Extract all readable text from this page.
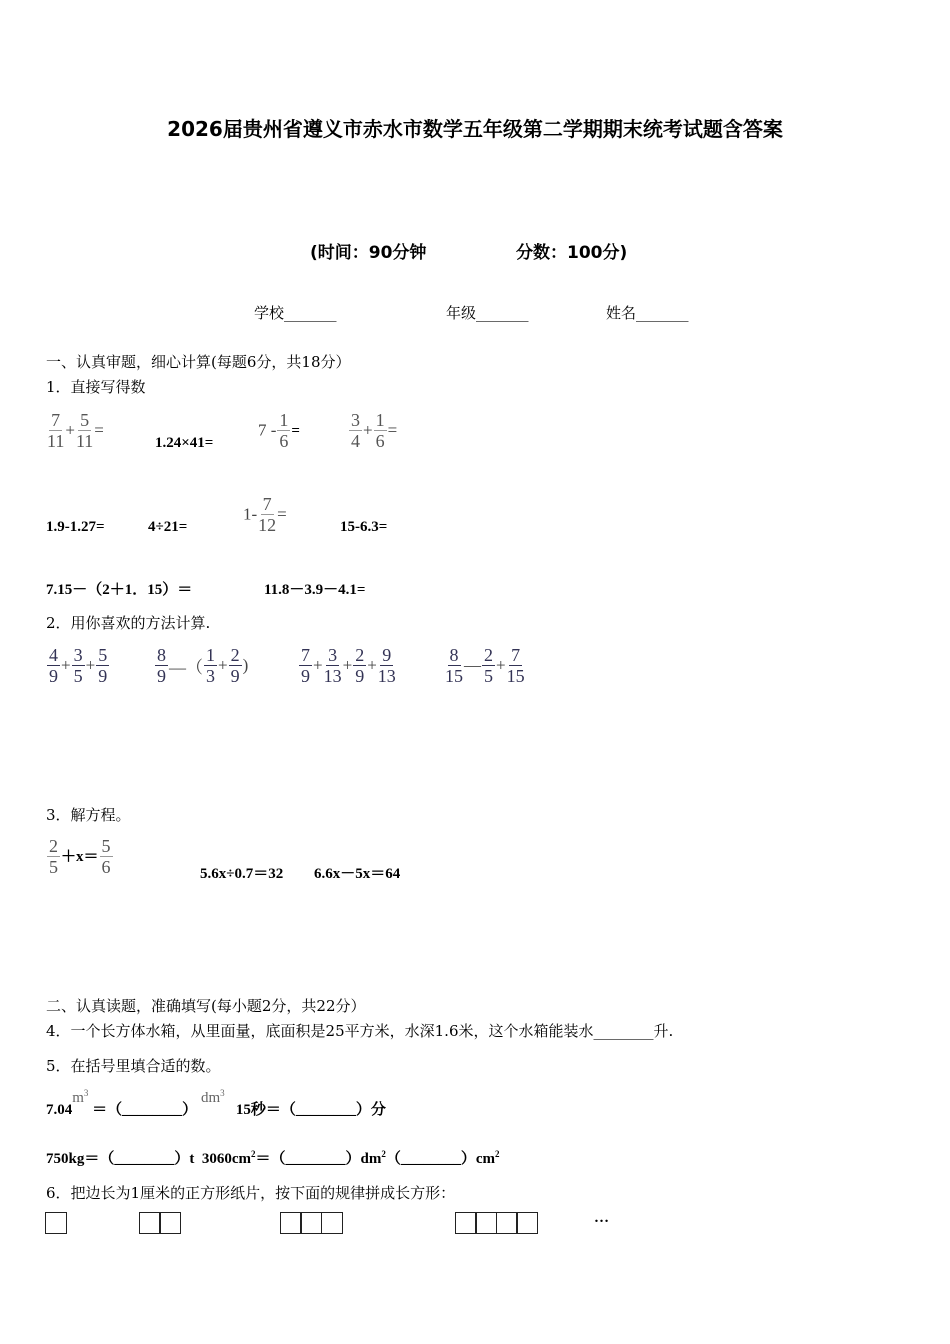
2026届贵州省遵义市赤水市数学五年级第二学期期末统考试题含答案
(时间：90分钟	分数：100分)
学校_______	年级_______	姓名_______
一、认真审题，细心计算(每题6分，共18分）
1．直接写得数
$\frac{7}{11} + \frac{5}{11}$ =
1.24×41=
$7 - \frac{1}{6}$ =	$\frac{3}{4} + \frac{1}{6}$ =
1.9-1.27=	4÷21=
$1- \frac{7}{12}$ =
15-6.3=
7.15－（2＋1．15）＝	11.8－3.9－4.1=
2．用你喜欢的方法计算.
$\frac{4}{9} + \frac{3}{5} + \frac{5}{9}$	$\frac{8}{9}$ —（ $\frac{1}{3} + \frac{2}{9}$ )	$\frac{7}{9} + \frac{3}{13} + \frac{2}{9} + \frac{9}{13}$	$\frac{8}{15}$ — $\frac{2}{5} + \frac{7}{15}$
3．解方程。
$\frac{2}{5} +x= \frac{5}{6}$	5.6x÷0.7＝32 6.6x－5x＝64
二、认真读题，准确填写(每小题2分，共22分）
4．一个长方体水箱，从里面量，底面积是25平方米，水深1.6米，这个水箱能装水________升.
5．在括号里填合适的数。
$7.04m^3$ ＝（________） $dm^3$   15秒＝（________）分
750kg＝（________）t $3060cm^2=(\_\_\_\_\_\_\_\_)dm^2(\_\_\_\_\_\_\_\_)cm^2$
6．把边长为1厘米的正方形纸片，按下面的规律拼成长方形：
…
